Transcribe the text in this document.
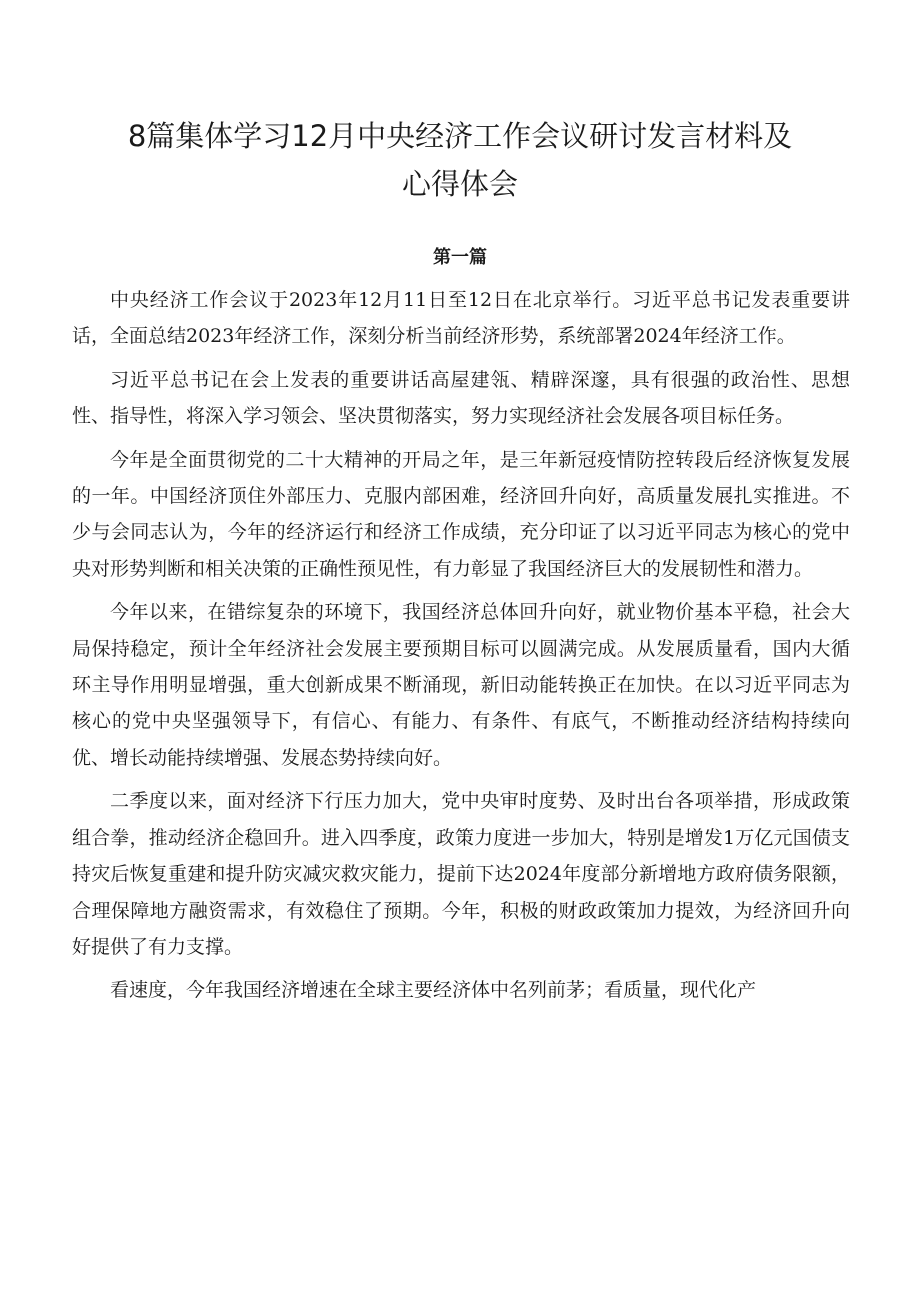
8篇集体学习12月中央经济工作会议研讨发言材料及
心得体会
第一篇

中央经济工作会议于2023年12月11日至12日在北京举行。习近平总书记发表重要讲话，全面总结2023年经济工作，深刻分析当前经济形势，系统部署2024年经济工作。

习近平总书记在会上发表的重要讲话高屋建瓴、精辟深邃，具有很强的政治性、思想性、指导性，将深入学习领会、坚决贯彻落实，努力实现经济社会发展各项目标任务。

今年是全面贯彻党的二十大精神的开局之年，是三年新冠疫情防控转段后经济恢复发展的一年。中国经济顶住外部压力、克服内部困难，经济回升向好，高质量发展扎实推进。不少与会同志认为，今年的经济运行和经济工作成绩，充分印证了以习近平同志为核心的党中央对形势判断和相关决策的正确性预见性，有力彰显了我国经济巨大的发展韧性和潜力。

今年以来，在错综复杂的环境下，我国经济总体回升向好，就业物价基本平稳，社会大局保持稳定，预计全年经济社会发展主要预期目标可以圆满完成。从发展质量看，国内大循环主导作用明显增强，重大创新成果不断涌现，新旧动能转换正在加快。在以习近平同志为核心的党中央坚强领导下，有信心、有能力、有条件、有底气，不断推动经济结构持续向优、增长动能持续增强、发展态势持续向好。

二季度以来，面对经济下行压力加大，党中央审时度势、及时出台各项举措，形成政策组合拳，推动经济企稳回升。进入四季度，政策力度进一步加大，特别是增发1万亿元国债支持灾后恢复重建和提升防灾减灾救灾能力，提前下达2024年度部分新增地方政府债务限额，合理保障地方融资需求，有效稳住了预期。今年，积极的财政政策加力提效，为经济回升向好提供了有力支撑。

看速度，今年我国经济增速在全球主要经济体中名列前茅；看质量，现代化产
